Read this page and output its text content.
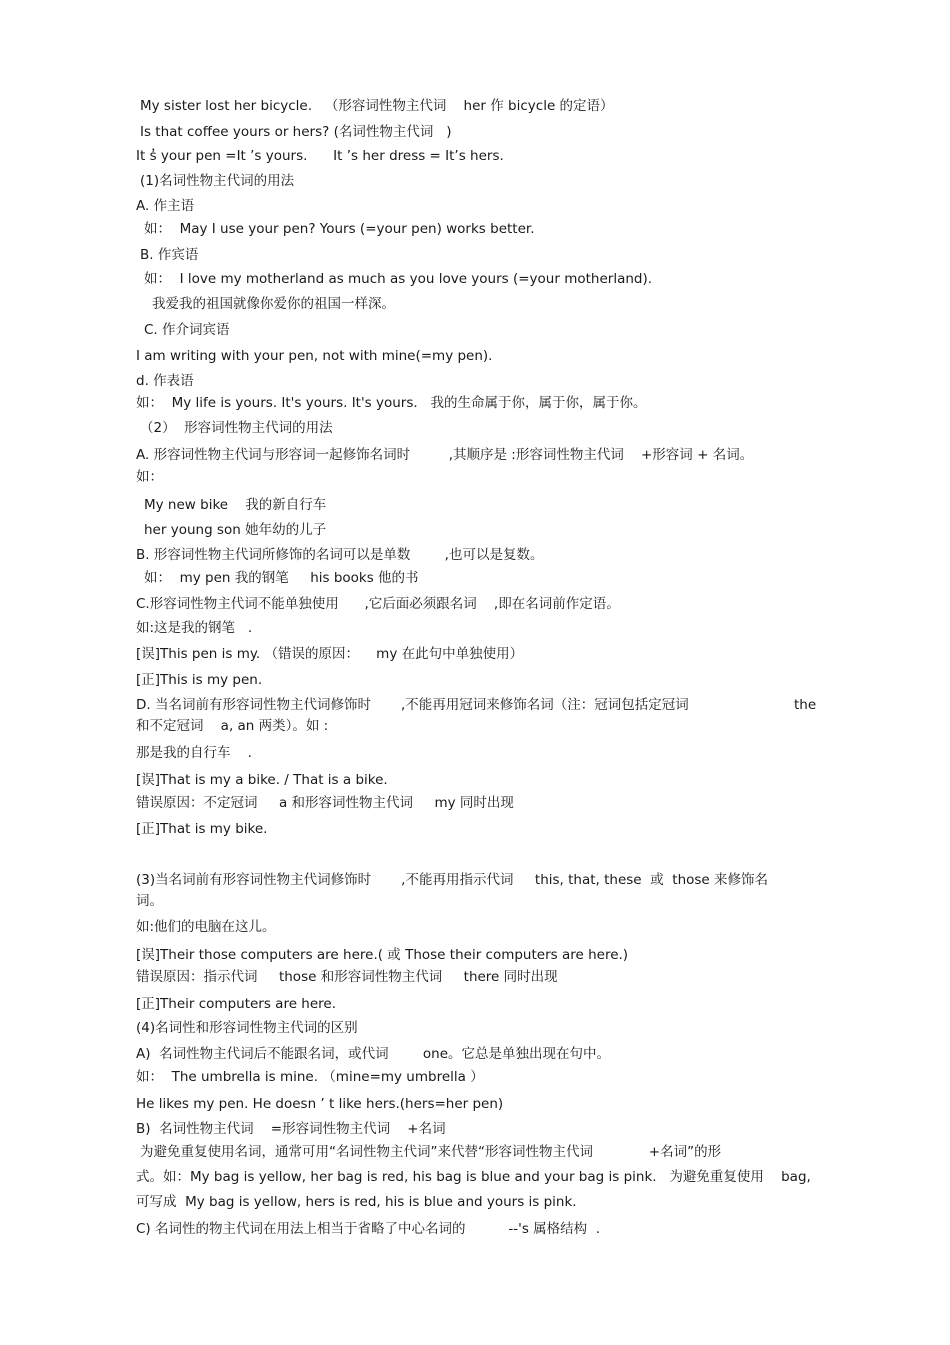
My sister lost her bicycle.   （形容词性物主代词    her 作 bicycle 的定语）
Is that coffee yours or hers? (名词性物主代词   )
It s̓ your pen =It ’s yours.      It ’s her dress = It’s hers.
(1)名词性物主代词的用法
A. 作主语
如：  May I use your pen? Yours (=your pen) works better.
B. 作宾语
如：  I love my motherland as much as you love yours (=your motherland).
我爱我的祖国就像你爱你的祖国一样深。
C. 作介词宾语
I am writing with your pen, not with mine(=my pen).
d. 作表语
如：  My life is yours. It's yours. It's yours.   我的生命属于你，属于你，属于你。
（2）  形容词性物主代词的用法
A. 形容词性物主代词与形容词一起修饰名词时         ,其顺序是 :形容词性物主代词    +形容词 + 名词。
如：
My new bike    我的新自行车
her young son 她年幼的儿子
B. 形容词性物主代词所修饰的名词可以是单数        ,也可以是复数。
如：  my pen 我的钢笔     his books 他的书
C.形容词性物主代词不能单独使用      ,它后面必须跟名词    ,即在名词前作定语。
如:这是我的钢笔   .
[误]This pen is my. （错误的原因：    my 在此句中单独使用）
[正]This is my pen.
D. 当名词前有形容词性物主代词修饰时       ,不能再用冠词来修饰名词（注：冠词包括定冠词	the
和不定冠词    a, an 两类）。如 :
那是我的自行车    .
[误]That is my a bike. / That is a bike.
错误原因：不定冠词     a 和形容词性物主代词     my 同时出现
[正]That is my bike.
(3)当名词前有形容词性物主代词修饰时       ,不能再用指示代词     this, that, these  或  those 来修饰名
词。
如:他们的电脑在这儿。
[误]Their those computers are here.( 或 Those their computers are here.)
错误原因：指示代词     those 和形容词性物主代词     there 同时出现
[正]Their computers are here.
(4)名词性和形容词性物主代词的区别
A)  名词性物主代词后不能跟名词，或代词        one。它总是单独出现在句中。
如：  The umbrella is mine. （mine=my umbrella ）
He likes my pen. He doesn ’ t like hers.(hers=her pen)
B)  名词性物主代词    =形容词性物主代词    +名词
为避免重复使用名词，通常可用“名词性物主代词”来代替“形容词性物主代词             +名词”的形
式。如：My bag is yellow, her bag is red, his bag is blue and your bag is pink.   为避免重复使用    bag,
可写成  My bag is yellow, hers is red, his is blue and yours is pink.
C) 名词性的物主代词在用法上相当于省略了中心名词的          --'s 属格结构  .
